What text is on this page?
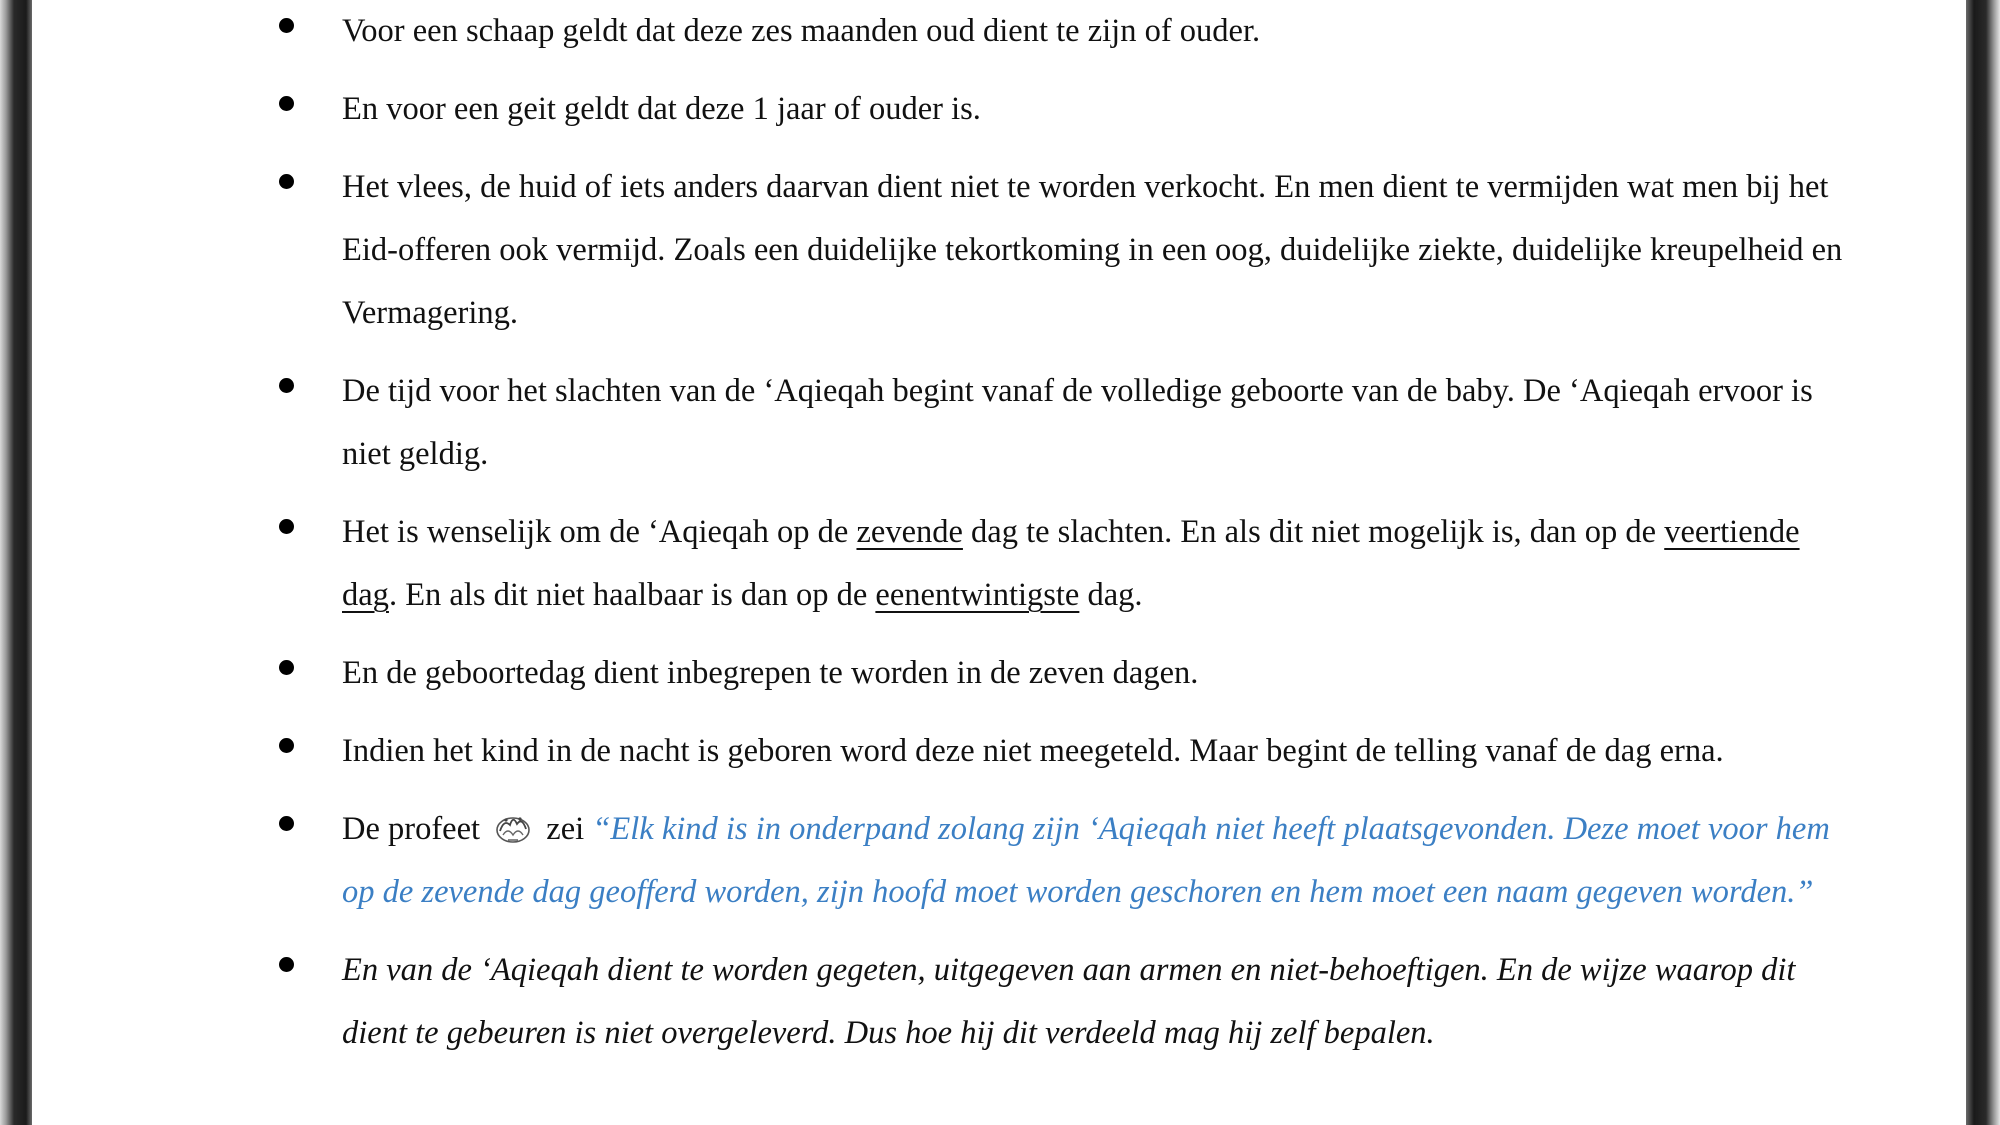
Voor een schaap geldt dat deze zes maanden oud dient te zijn of ouder.
En voor een geit geldt dat deze 1 jaar of ouder is.
Het vlees, de huid of iets anders daarvan dient niet te worden verkocht. En men dient te vermijden wat men bij het Eid-offeren ook vermijd. Zoals een duidelijke tekortkoming in een oog, duidelijke ziekte, duidelijke kreupelheid en Vermagering.
De tijd voor het slachten van de ‘Aqieqah begint vanaf de volledige geboorte van de baby. De ‘Aqieqah ervoor is niet geldig.
Het is wenselijk om de ‘Aqieqah op de zevende dag te slachten. En als dit niet mogelijk is, dan op de veertiende dag. En als dit niet haalbaar is dan op de eenentwintigste dag.
En de geboortedag dient inbegrepen te worden in de zeven dagen.
Indien het kind in de nacht is geboren word deze niet meegeteld. Maar begint de telling vanaf de dag erna.
De profeet  zei “Elk kind is in onderpand zolang zijn ‘Aqieqah niet heeft plaatsgevonden. Deze moet voor hem op de zevende dag geofferd worden, zijn hoofd moet worden geschoren en hem moet een naam gegeven worden.”
En van de ‘Aqieqah dient te worden gegeten, uitgegeven aan armen en niet-behoeftigen. En de wijze waarop dit dient te gebeuren is niet overgeleverd. Dus hoe hij dit verdeeld mag hij zelf bepalen.
